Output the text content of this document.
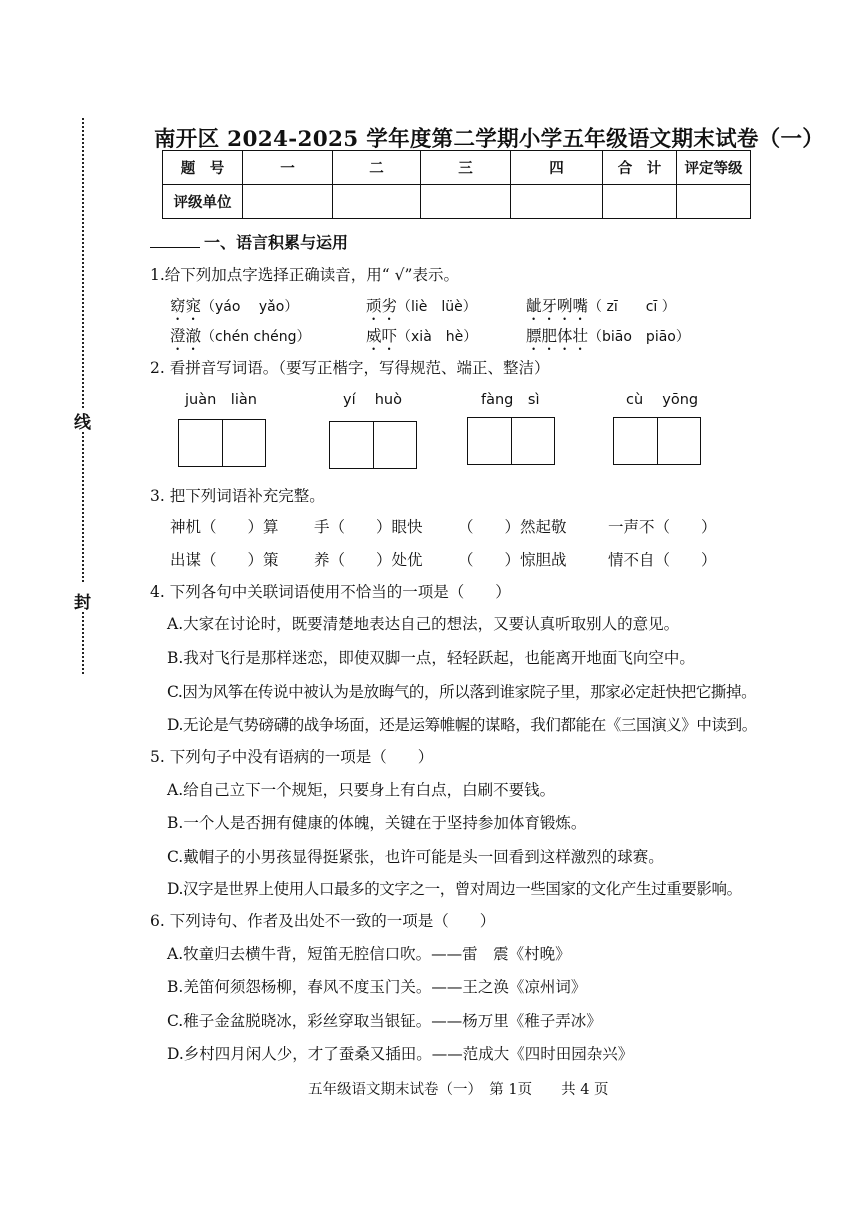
线
封
南开区 2024-2025 学年度第二学期小学五年级语文期末试卷（一）
题　号	一	二	三	四	合　计	评定等级
评级单位						
一、语言积累与运用
1.给下列加点字选择正确读音，用“ √”表示。
窈窕（yáo　 yǎo）	顽劣（liè　lüè）	龇牙咧嘴（ zī　　cī ）
澄澈（chén chéng）	威吓（xià　hè）	膘肥体壮（biāo　piāo）
2. 看拼音写词语。（要写正楷字，写得规范、端正、整洁）
juàn　liàn	yí　 huò	fàng　sì	cù　 yōng
3. 把下列词语补充完整。
神机（　　）算 手（　　）眼快 （　　）然起敬	一声不（　　）
出谋（　　）策 养（　　）处优 （　　）惊胆战	情不自（　　）
4. 下列各句中关联词语使用不恰当的一项是（　　）
A.大家在讨论时，既要清楚地表达自己的想法，又要认真听取别人的意见。
B.我对飞行是那样迷恋，即使双脚一点，轻轻跃起，也能离开地面飞向空中。
C.因为风筝在传说中被认为是放晦气的，所以落到谁家院子里，那家必定赶快把它撕掉。
D.无论是气势磅礴的战争场面，还是运筹帷幄的谋略，我们都能在《三国演义》中读到。
5. 下列句子中没有语病的一项是（　　）
A.给自己立下一个规矩，只要身上有白点，白刷不要钱。
B.一个人是否拥有健康的体魄，关键在于坚持参加体育锻炼。
C.戴帽子的小男孩显得挺紧张，也许可能是头一回看到这样激烈的球赛。
D.汉字是世界上使用人口最多的文字之一，曾对周边一些国家的文化产生过重要影响。
6. 下列诗句、作者及出处不一致的一项是（　　）
A.牧童归去横牛背，短笛无腔信口吹。——雷　震《村晚》
B.羌笛何须怨杨柳，春风不度玉门关。——王之涣《凉州词》
C.稚子金盆脱晓冰，彩丝穿取当银钲。——杨万里《稚子弄冰》
D.乡村四月闲人少，才了蚕桑又插田。——范成大《四时田园杂兴》
五年级语文期末试卷（一）　第 1页　　共 4 页
